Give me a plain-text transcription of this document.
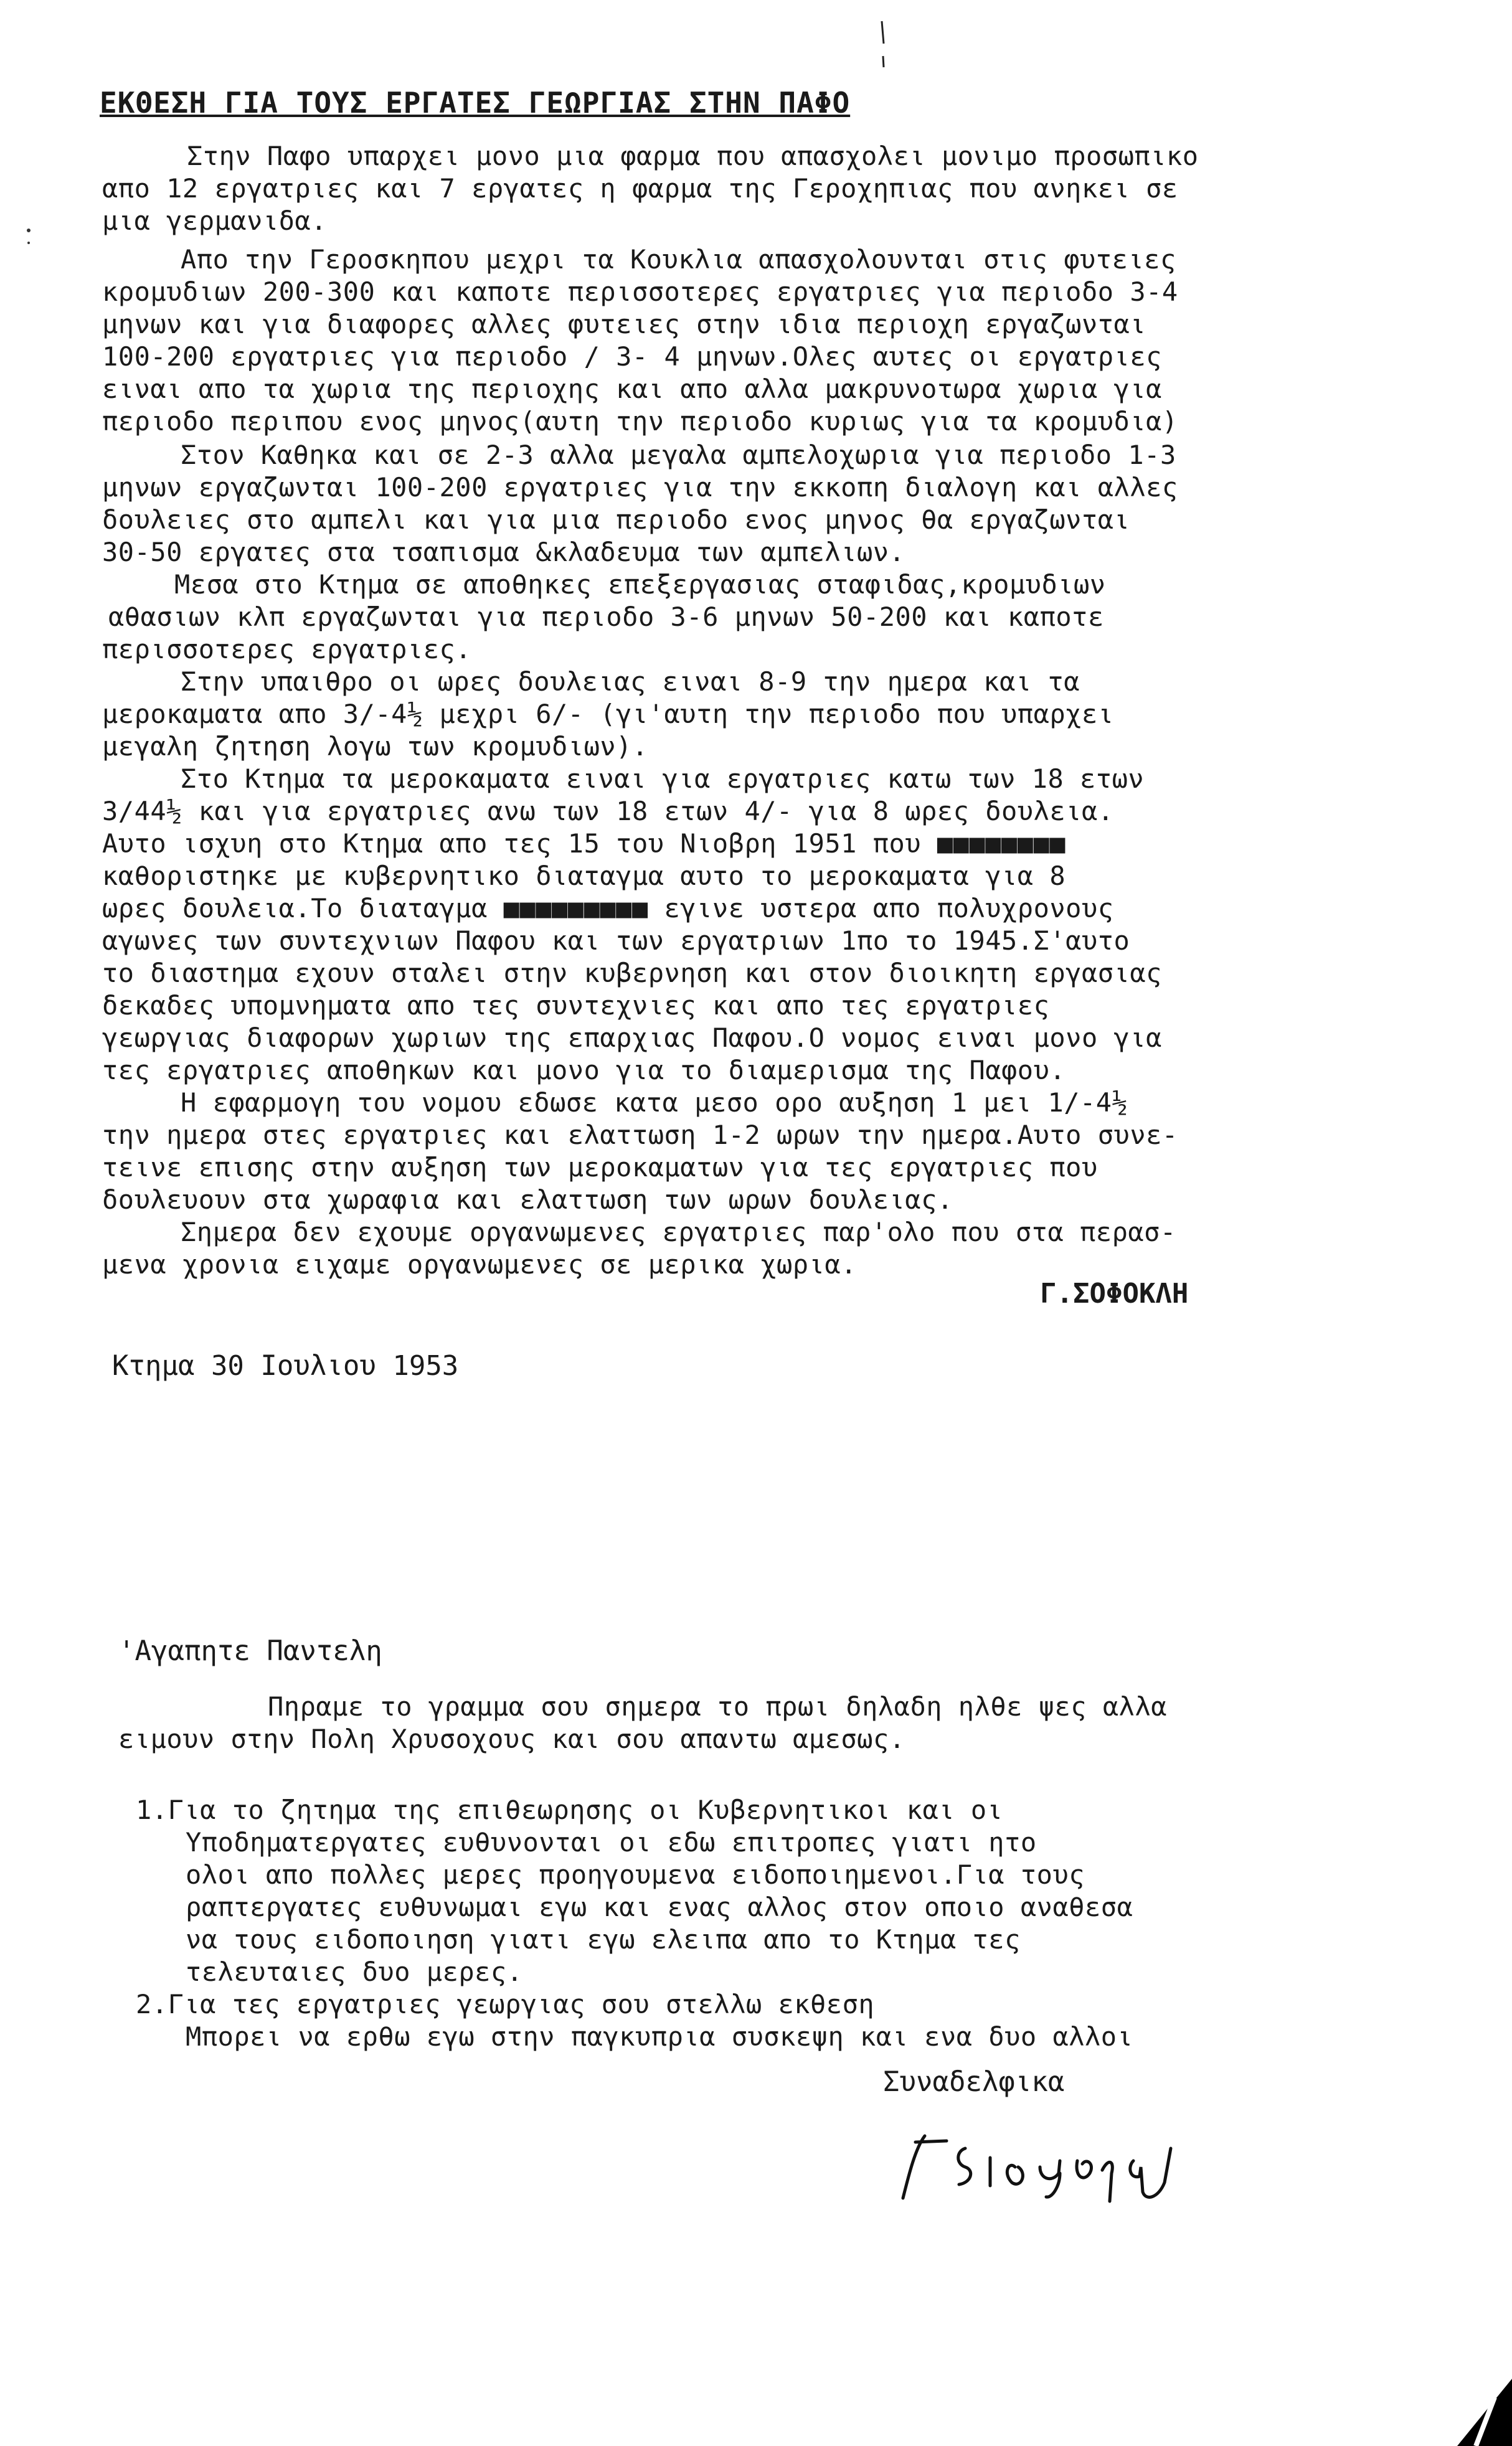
ΕΚΘΕΣΗ ΓΙΑ ΤΟΥΣ ΕΡΓΑΤΕΣ ΓΕΩΡΓΙΑΣ ΣΤΗΝ ΠΑΦΟ
Στην Παφο υπαρχει μονο μια φαρμα που απασχολει μονιμο προσωπικο
απο 12 εργατριες και 7 εργατες η φαρμα της Γεροχηπιας που ανηκει σε
μια γερμανιδα.
Απο την Γεροσκηπου μεχρι τα Κουκλια απασχολουνται στις φυτειες
κρομυδιων 200-300 και καποτε περισσοτερες εργατριες για περιοδο 3-4
μηνων και για διαφορες αλλες φυτειες στην ιδια περιοχη εργαζωνται
100-200 εργατριες για περιοδο / 3- 4 μηνων.Ολες αυτες οι εργατριες
ειναι απο τα χωρια της περιοχης και απο αλλα μακρυνοτωρα χωρια για
περιοδο περιπου ενος μηνος(αυτη την περιοδο κυριως για τα κρομυδια)
Στον Καθηκα και σε 2-3 αλλα μεγαλα αμπελοχωρια για περιοδο 1-3
μηνων εργαζωνται 100-200 εργατριες για την εκκοπη διαλογη και αλλες
δουλειες στο αμπελι και για μια περιοδο ενος μηνος θα εργαζωνται
30-50 εργατες στα τσαπισμα &κλαδευμα των αμπελιων.
Μεσα στο Κτημα σε αποθηκες επεξεργασιας σταφιδας,κρομυδιων
αθασιων κλπ εργαζωνται για περιοδο 3-6 μηνων 50-200 και καποτε
περισσοτερες εργατριες.
Στην υπαιθρο οι ωρες δουλειας ειναι 8-9 την ημερα και τα
μεροκαματα απο 3/-4½ μεχρι 6/- (γι'αυτη την περιοδο που υπαρχει
μεγαλη ζητηση λογω των κρομυδιων).
Στο Κτημα τα μεροκαματα ειναι για εργατριες κατω των 18 ετων
3/44½ και για εργατριες ανω των 18 ετων 4/- για 8 ωρες δουλεια.
Αυτο ισχυη στο Κτημα απο τες 15 του Νιοβρη 1951 που ■■■■■■■■
καθοριστηκε με κυβερνητικο διαταγμα αυτο το μεροκαματα για 8
ωρες δουλεια.Το διαταγμα ■■■■■■■■■ εγινε υστερα απο πολυχρονους
αγωνες των συντεχνιων Παφου και των εργατριων 1πο το 1945.Σ'αυτο
το διαστημα εχουν σταλει στην κυβερνηση και στον διοικητη εργασιας
δεκαδες υπομνηματα απο τες συντεχνιες και απο τες εργατριες
γεωργιας διαφορων χωριων της επαρχιας Παφου.Ο νομος ειναι μονο για
τες εργατριες αποθηκων και μονο για το διαμερισμα της Παφου.
Η εφαρμογη του νομου εδωσε κατα μεσο ορο αυξηση 1 μει 1/-4½
την ημερα στες εργατριες και ελαττωση 1-2 ωρων την ημερα.Αυτο συνε-
τεινε επισης στην αυξηση των μεροκαματων για τες εργατριες που
δουλευουν στα χωραφια και ελαττωση των ωρων δουλειας.
Σημερα δεν εχουμε οργανωμενες εργατριες παρ'ολο που στα περασ-
μενα χρονια ειχαμε οργανωμενες σε μερικα χωρια.
Γ.ΣΟΦΟΚΛΗ
Κτημα 30 Ιουλιου 1953
'Αγαπητε Παντελη
Πηραμε το γραμμα σου σημερα το πρωι δηλαδη ηλθε ψες αλλα
ειμουν στην Πολη Χρυσοχους και σου απαντω αμεσως.
1.Για το ζητημα της επιθεωρησης οι Κυβερνητικοι και οι
Υποδηματεργατες ευθυνονται οι εδω επιτροπες γιατι ητο
ολοι απο πολλες μερες προηγουμενα ειδοποιημενοι.Για τους
ραπτεργατες ευθυνωμαι εγω και ενας αλλος στον οποιο αναθεσα
να τους ειδοποιηση γιατι εγω ελειπα απο το Κτημα τες
τελευταιες δυο μερες.
2.Για τες εργατριες γεωργιας σου στελλω εκθεση
Μπορει να ερθω εγω στην παγκυπρια συσκεψη και ενα δυο αλλοι
Συναδελφικα
